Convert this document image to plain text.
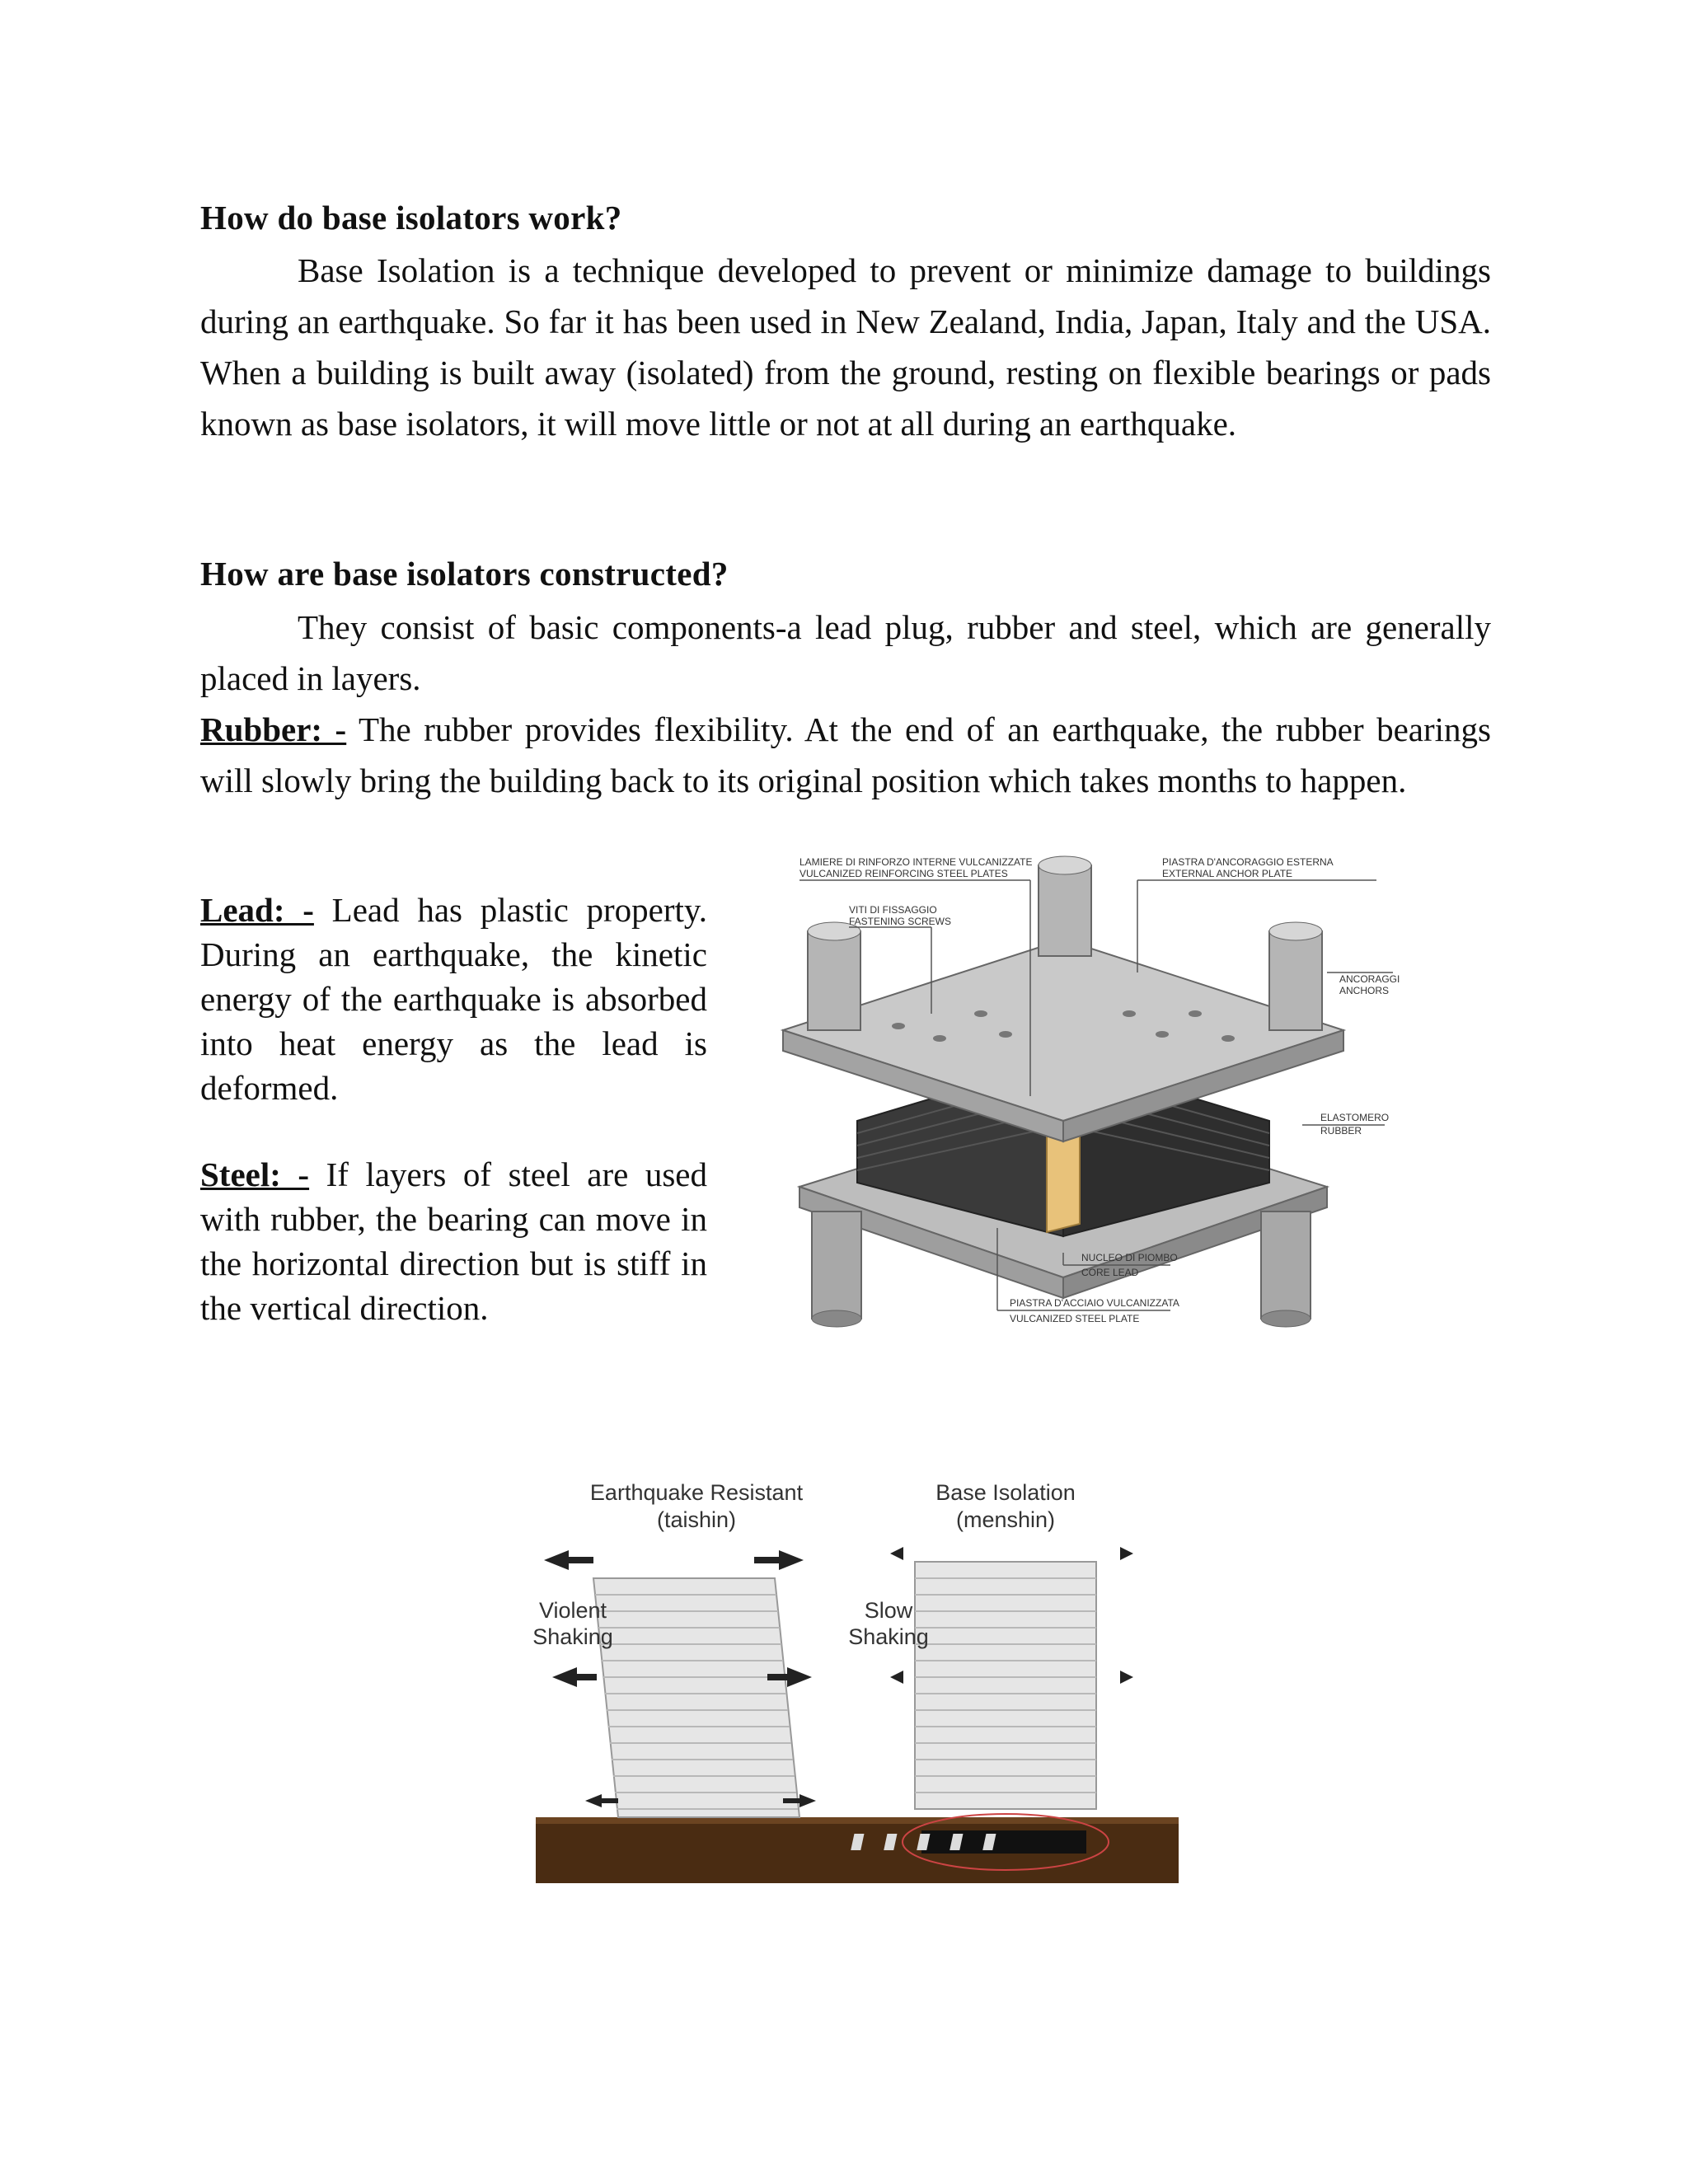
How do base isolators work?
Base Isolation is a technique developed to prevent or minimize damage to buildings during an earthquake. So far it has been used in New Zealand, India, Japan, Italy and the USA. When a building is built away (isolated) from the ground, resting on flexible bearings or pads known as base isolators, it will move little or not at all during an earthquake.
How are base isolators constructed?
They consist of basic components-a lead plug, rubber and steel, which are generally placed in layers.
Rubber: - The rubber provides flexibility. At the end of an earthquake, the rubber bearings will slowly bring the building back to its original position which takes months to happen.
Lead: - Lead has plastic property. During an earthquake, the kinetic energy of the earthquake is absorbed into heat energy as the lead is deformed.
Steel: - If layers of steel are used with rubber, the bearing can move in the horizontal direction but is stiff in the vertical direction.
LAMIERE DI RINFORZO INTERNE VULCANIZZATE
VULCANIZED REINFORCING STEEL PLATES
VITI DI FISSAGGIO
FASTENING SCREWS
PIASTRA D'ANCORAGGIO ESTERNA
EXTERNAL ANCHOR PLATE
ANCORAGGI
ANCHORS
ELASTOMERO
RUBBER
NUCLEO DI PIOMBO
CORE LEAD
PIASTRA D'ACCIAIO VULCANIZZATA
VULCANIZED STEEL PLATE
Earthquake Resistant
(taishin)
Violent
Shaking
Base Isolation
(menshin)
Slow
Shaking
